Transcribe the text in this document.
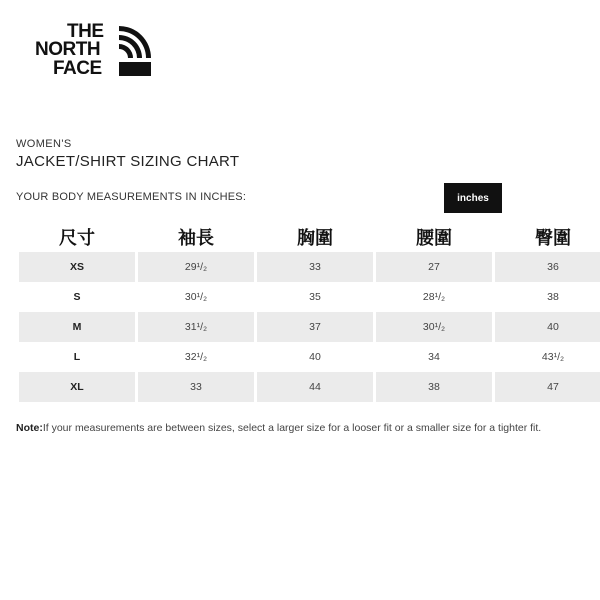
THE
NORTH
FACE
WOMEN'S
JACKET/SHIRT SIZING CHART
YOUR BODY MEASUREMENTS IN INCHES:	inches
尺寸	袖長	胸圍	腰圍	臀圍
XS	29¹/₂	33	27	36
S	30¹/₂	35	28¹/₂	38
M	31¹/₂	37	30¹/₂	40
L	32¹/₂	40	34	43¹/₂
XL	33	44	38	47
Note:If your measurements are between sizes, select a larger size for a looser fit or a smaller size for a tighter fit.
